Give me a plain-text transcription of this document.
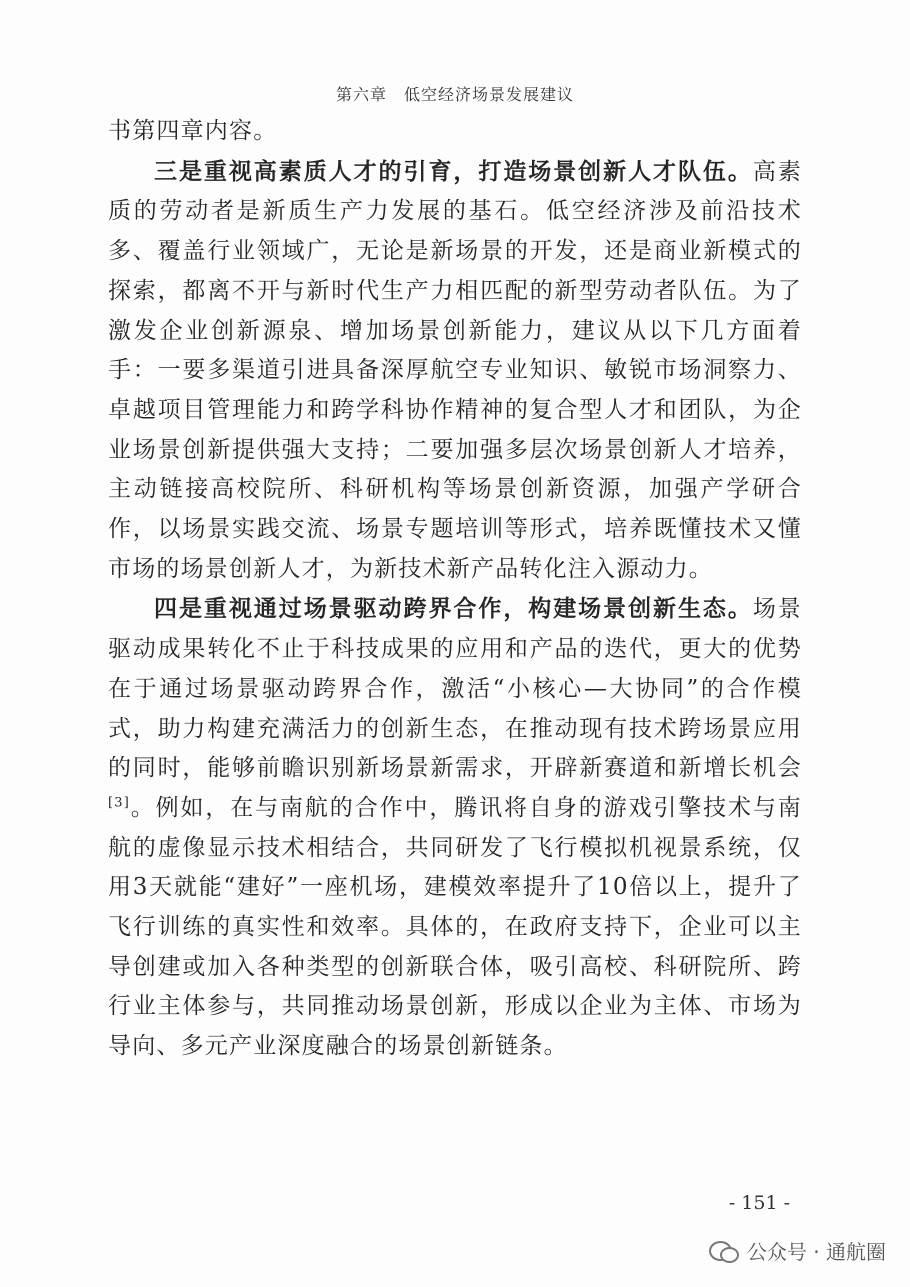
第六章　低空经济场景发展建议

书第四章内容。

三是重视高素质人才的引育，打造场景创新人才队伍。高素质的劳动者是新质生产力发展的基石。低空经济涉及前沿技术多、覆盖行业领域广，无论是新场景的开发，还是商业新模式的探索，都离不开与新时代生产力相匹配的新型劳动者队伍。为了激发企业创新源泉、增加场景创新能力，建议从以下几方面着手：一要多渠道引进具备深厚航空专业知识、敏锐市场洞察力、卓越项目管理能力和跨学科协作精神的复合型人才和团队，为企业场景创新提供强大支持；二要加强多层次场景创新人才培养，主动链接高校院所、科研机构等场景创新资源，加强产学研合作，以场景实践交流、场景专题培训等形式，培养既懂技术又懂市场的场景创新人才，为新技术新产品转化注入源动力。

四是重视通过场景驱动跨界合作，构建场景创新生态。场景驱动成果转化不止于科技成果的应用和产品的迭代，更大的优势在于通过场景驱动跨界合作，激活“小核心—大协同”的合作模式，助力构建充满活力的创新生态，在推动现有技术跨场景应用的同时，能够前瞻识别新场景新需求，开辟新赛道和新增长机会[3]。例如，在与南航的合作中，腾讯将自身的游戏引擎技术与南航的虚像显示技术相结合，共同研发了飞行模拟机视景系统，仅用3天就能“建好”一座机场，建模效率提升了10倍以上，提升了飞行训练的真实性和效率。具体的，在政府支持下，企业可以主导创建或加入各种类型的创新联合体，吸引高校、科研院所、跨行业主体参与，共同推动场景创新，形成以企业为主体、市场为导向、多元产业深度融合的场景创新链条。

- 151 -
公众号 · 通航圈
